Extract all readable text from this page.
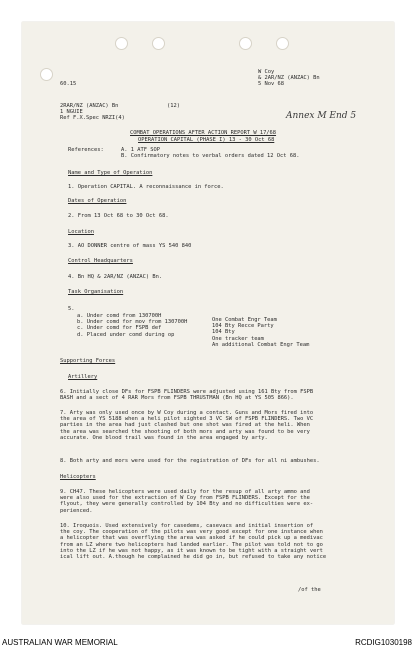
60.15
W Coy
& 2AR/NZ (ANZAC) Bn
5 Nov 68
Annex M End 5
2RAR/NZ (ANZAC) Bn
1 NGUIE
Ref F.X.Spec NRZI(4)
(12)
COMBAT OPERATIONS AFTER ACTION REPORT W 17/68
OPERATION CAPITAL (PHASE I) 13 - 30 Oct 68
References:	A. 1 ATF SOP
B. Confirmatory notes to verbal orders dated 12 Oct 68.
Name and Type of Operation
1. Operation CAPITAL. A reconnaissance in force.
Dates of Operation
2. From 13 Oct 68 to 30 Oct 68.
Location
3. AO DONNER centre of mass YS 540 840
Control Headquarters
4. Bn HQ & 2AR/NZ (ANZAC) Bn.
Task Organisation
5.
a. Under comd from 130700H
b. Under comd for mov from 130700H
c. Under comd for FSPB def
d. Placed under comd during op
One Combat Engr Team
104 Bty Recce Party
104 Bty
One tracker team
An additional Combat Engr Team
Supporting Forces
Artillery
6. Initially close DFs for FSPB FLINDERS were adjusted using 161 Bty from FSPB
BASH and a sect of 4 RAR Mors from FSPB THRUSTMAN (Bn HQ at YS 505 866).
7. Arty was only used once by W Coy during a contact. Guns and Mors fired into
the area of YS 5188 when a heli pilot sighted 3 VC SW of FSPB FLINDERS. Two VC
parties in the area had just clashed but one shot was fired at the heli. When
the area was searched the shooting of both mors and arty was found to be very
accurate. One blood trail was found in the area engaged by arty.
8. Both arty and mors were used for the registration of DFs for all ni ambushes.
Helicopters
9. CH47. These helicopters were used daily for the resup of all arty ammo and
were also used for the extraction of W Coy from FSPB FLINDERS. Except for the
flyout, they were generally controlled by 104 Bty and no difficulties were ex-
perienced.
10. Iroquois. Used extensively for casedems, casevacs and initial insertion of
the coy. The cooperation of the pilots was very good except for one instance when
a helicopter that was overflying the area was asked if he could pick up a medivac
from an LZ where two helicopters had landed earlier. The pilot was told not to go
into the LZ if he was not happy, as it was known to be tight with a straight vert
ical lift out. A.though he complained he did go in, but refused to take any notice
/of the
AUSTRALIAN WAR MEMORIAL	RCDIG1030198
